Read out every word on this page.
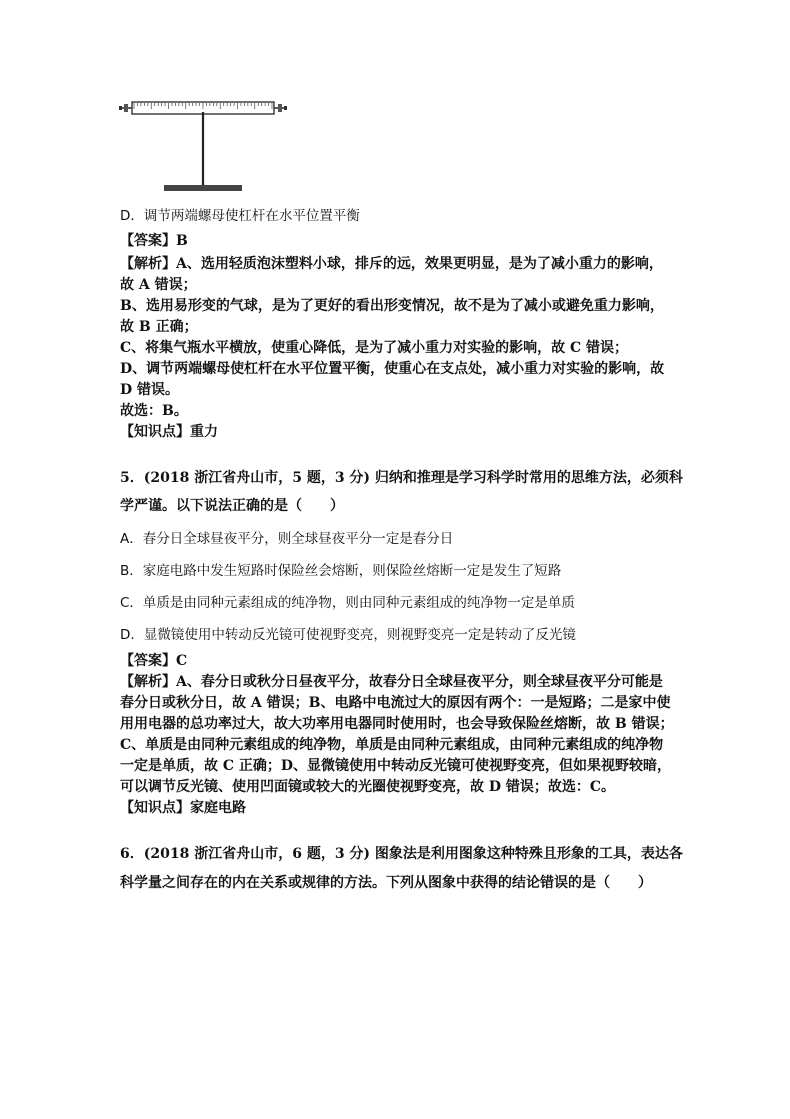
D．调节两端螺母使杠杆在水平位置平衡
【答案】B
【解析】A、选用轻质泡沫塑料小球，排斥的远，效果更明显，是为了减小重力的影响，
故 A 错误；
B、选用易形变的气球，是为了更好的看出形变情况，故不是为了减小或避免重力影响，
故 B 正确；
C、将集气瓶水平横放，使重心降低，是为了减小重力对实验的影响，故 C 错误；
D、调节两端螺母使杠杆在水平位置平衡，使重心在支点处，减小重力对实验的影响，故
D 错误。
故选：B。
【知识点】重力
5．(2018 浙江省舟山市，5 题，3 分) 归纳和推理是学习科学时常用的思维方法，必须科
学严谨。以下说法正确的是（　　）
A．春分日全球昼夜平分，则全球昼夜平分一定是春分日
B．家庭电路中发生短路时保险丝会熔断，则保险丝熔断一定是发生了短路
C．单质是由同种元素组成的纯净物，则由同种元素组成的纯净物一定是单质
D．显微镜使用中转动反光镜可使视野变亮，则视野变亮一定是转动了反光镜
【答案】C
【解析】A、春分日或秋分日昼夜平分，故春分日全球昼夜平分，则全球昼夜平分可能是
春分日或秋分日，故 A 错误；B、电路中电流过大的原因有两个：一是短路；二是家中使
用用电器的总功率过大，故大功率用电器同时使用时，也会导致保险丝熔断，故 B 错误；
C、单质是由同种元素组成的纯净物，单质是由同种元素组成，由同种元素组成的纯净物
一定是单质，故 C 正确；D、显微镜使用中转动反光镜可使视野变亮，但如果视野较暗，
可以调节反光镜、使用凹面镜或较大的光圈使视野变亮，故 D 错误；故选：C。
【知识点】家庭电路
6．(2018 浙江省舟山市，6 题，3 分) 图象法是利用图象这种特殊且形象的工具，表达各
科学量之间存在的内在关系或规律的方法。下列从图象中获得的结论错误的是（　　）
